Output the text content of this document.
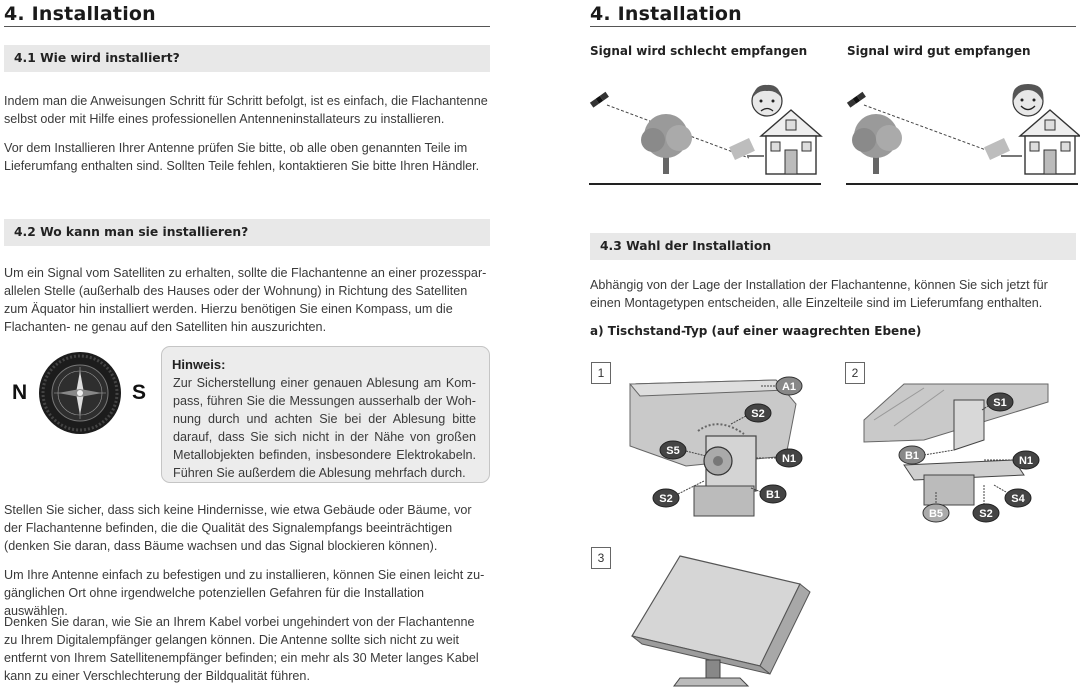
4. Installation
4.1 Wie wird installiert?
Indem man die Anweisungen Schritt für Schritt befolgt, ist es einfach, die Flachantenne selbst oder mit Hilfe eines professionellen Antenneninstallateurs zu installieren.
Vor dem Installieren Ihrer Antenne prüfen Sie bitte, ob alle oben genannten Teile im Lieferumfang enthalten sind. Sollten Teile fehlen, kontaktieren Sie bitte Ihren Händler.
4.2 Wo kann man sie installieren?
Um ein Signal vom Satelliten zu erhalten, sollte die Flachantenne an einer prozesspar- allelen Stelle (außerhalb des Hauses oder der Wohnung) in Richtung des Satelliten zum Äquator hin installiert werden. Hierzu benötigen Sie einen Kompass, um die Flachanten- ne genau auf den Satelliten hin auszurichten.
N	S
Hinweis:
Zur Sicherstellung einer genauen Ablesung am Kom- pass, führen Sie die Messungen ausserhalb der Woh- nung durch und achten Sie bei der Ablesung bitte darauf, dass Sie sich nicht in der Nähe von großen Metallobjekten befinden, insbesondere Elektrokabeln. Führen Sie außerdem die Ablesung mehrfach durch.
Stellen Sie sicher, dass sich keine Hindernisse, wie etwa Gebäude oder Bäume, vor der Flachantenne befinden, die die Qualität des Signalempfangs beeinträchtigen (denken Sie daran, dass Bäume wachsen und das Signal blockieren können).
Um Ihre Antenne einfach zu befestigen und zu installieren, können Sie einen leicht zu- gänglichen Ort ohne irgendwelche potenziellen Gefahren für die Installation auswählen.
Denken Sie daran, wie Sie an Ihrem Kabel vorbei ungehindert von der Flachantenne zu Ihrem Digitalempfänger gelangen können. Die Antenne sollte sich nicht zu weit entfernt von Ihrem Satellitenempfänger befinden; ein mehr als 30 Meter langes Kabel kann zu einer Verschlechterung der Bildqualität führen.
4. Installation
Signal wird schlecht empfangen	Signal wird gut empfangen
4.3 Wahl der Installation
Abhängig von der Lage der Installation der Flachantenne, können Sie sich jetzt für einen Montagetypen entscheiden, alle Einzelteile sind im Lieferumfang enthalten.
a) Tischstand-Typ (auf einer waagrechten Ebene)
1
A1
S2
S5
N1
S2	B1
2
S1
B1	N1
B5	S2
S4
3
